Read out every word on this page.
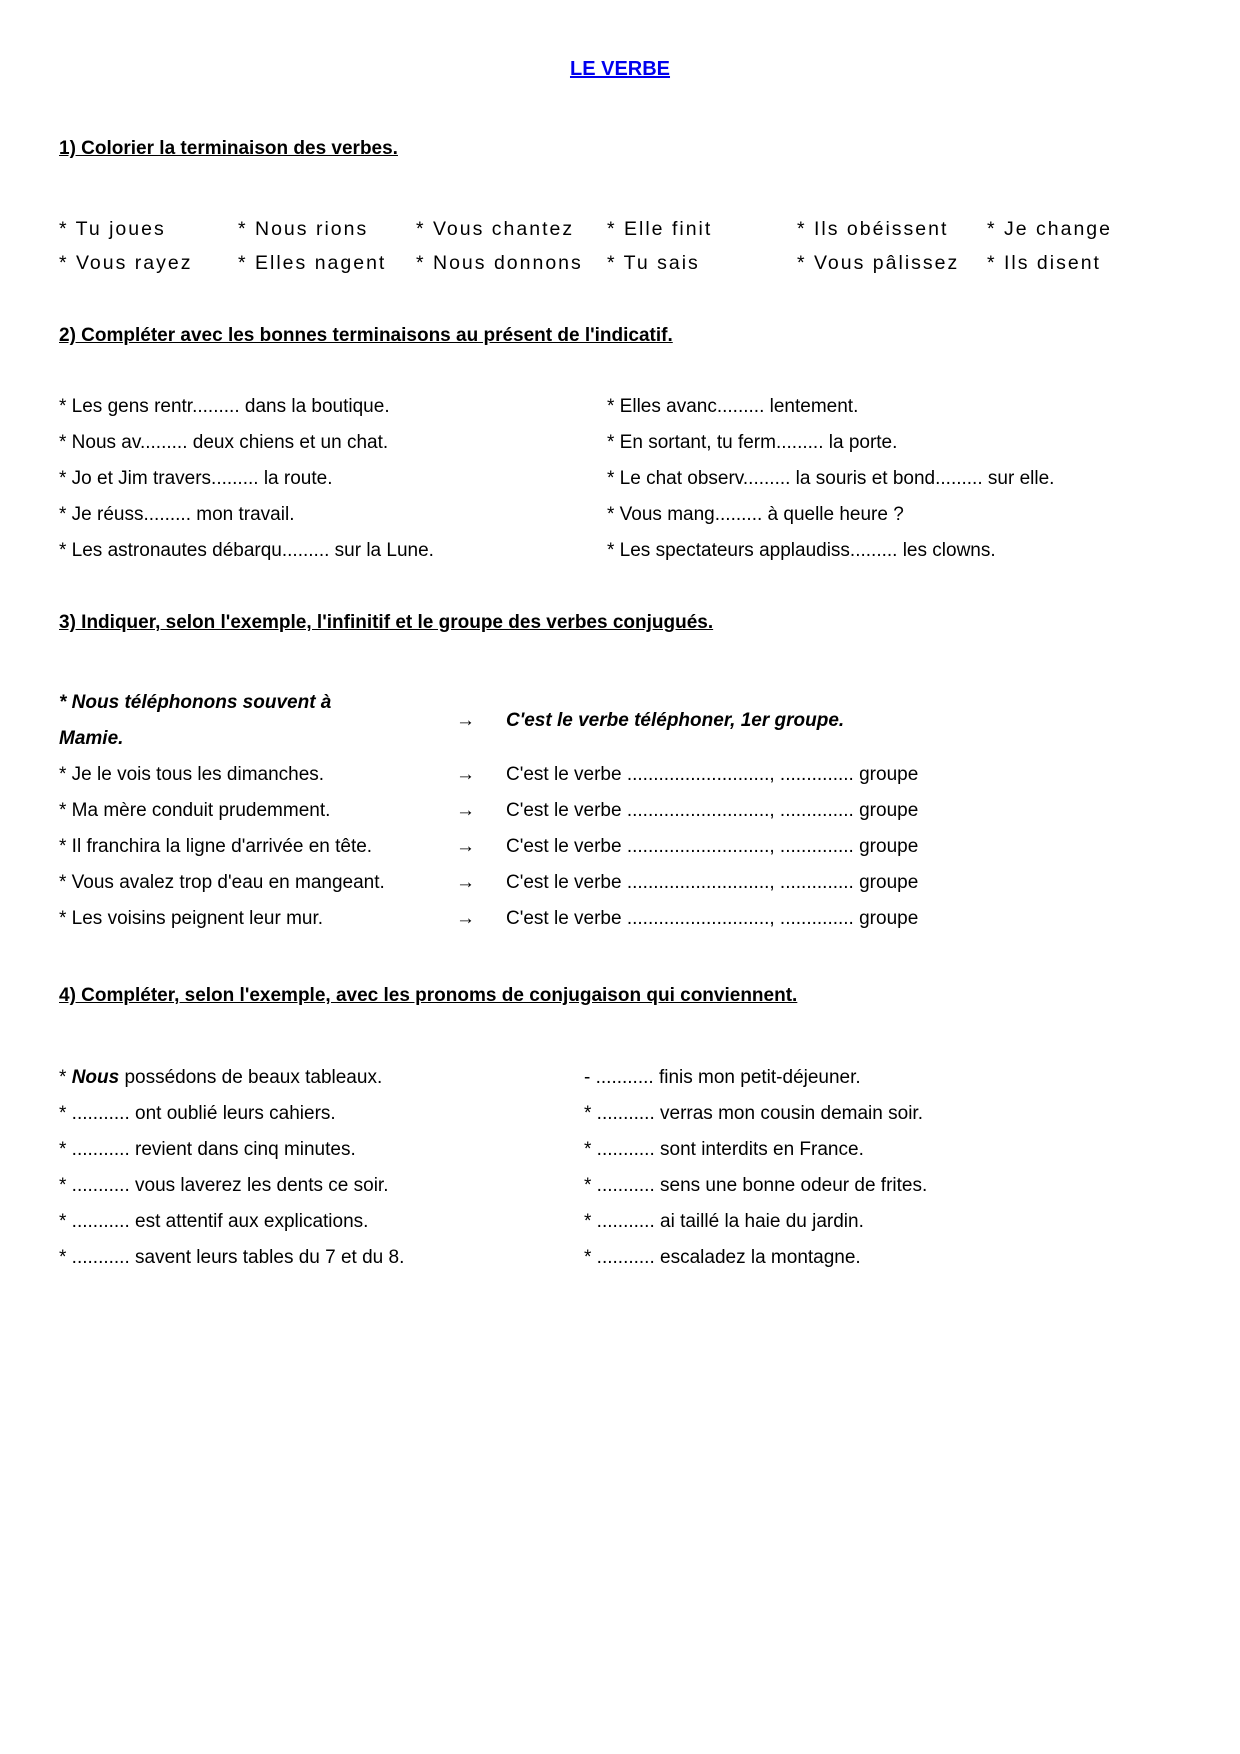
LE VERBE
1) Colorier la terminaison des verbes.
* Tu joues	* Nous rions * Vous chantez * Elle finit	* Ils obéissent * Je change
* Vous rayez * Elles nagent * Nous donnons * Tu sais	* Vous pâlissez * Ils disent
2) Compléter avec les bonnes terminaisons au présent de l'indicatif.
* Les gens rentr......... dans la boutique.
* Nous av......... deux chiens et un chat.
* Jo et Jim travers......... la route.
* Je réuss......... mon travail.
* Les astronautes débarqu......... sur la Lune.
* Elles avanc......... lentement.
* En sortant, tu ferm......... la porte.
* Le chat observ......... la souris et bond......... sur elle.
* Vous mang......... à quelle heure ?
* Les spectateurs applaudiss......... les clowns.
3) Indiquer, selon l'exemple, l'infinitif et le groupe des verbes conjugués.
* Nous téléphonons souvent à
Mamie.
→ C'est le verbe téléphoner, 1er groupe.
* Je le vois tous les dimanches.	→ C'est le verbe ..........................., .............. groupe
* Ma mère conduit prudemment.	→ C'est le verbe ..........................., .............. groupe
* Il franchira la ligne d'arrivée en tête.	→ C'est le verbe ..........................., .............. groupe
* Vous avalez trop d'eau en mangeant.	→ C'est le verbe ..........................., .............. groupe
* Les voisins peignent leur mur.	→ C'est le verbe ..........................., .............. groupe
4) Compléter, selon l'exemple, avec les pronoms de conjugaison qui conviennent.
* Nous possédons de beaux tableaux.
* ........... ont oublié leurs cahiers.
* ........... revient dans cinq minutes.
* ........... vous laverez les dents ce soir.
* ........... est attentif aux explications.
* ........... savent leurs tables du 7 et du 8.
- ........... finis mon petit-déjeuner.
* ........... verras mon cousin demain soir.
* ........... sont interdits en France.
* ........... sens une bonne odeur de frites.
* ........... ai taillé la haie du jardin.
* ........... escaladez la montagne.
